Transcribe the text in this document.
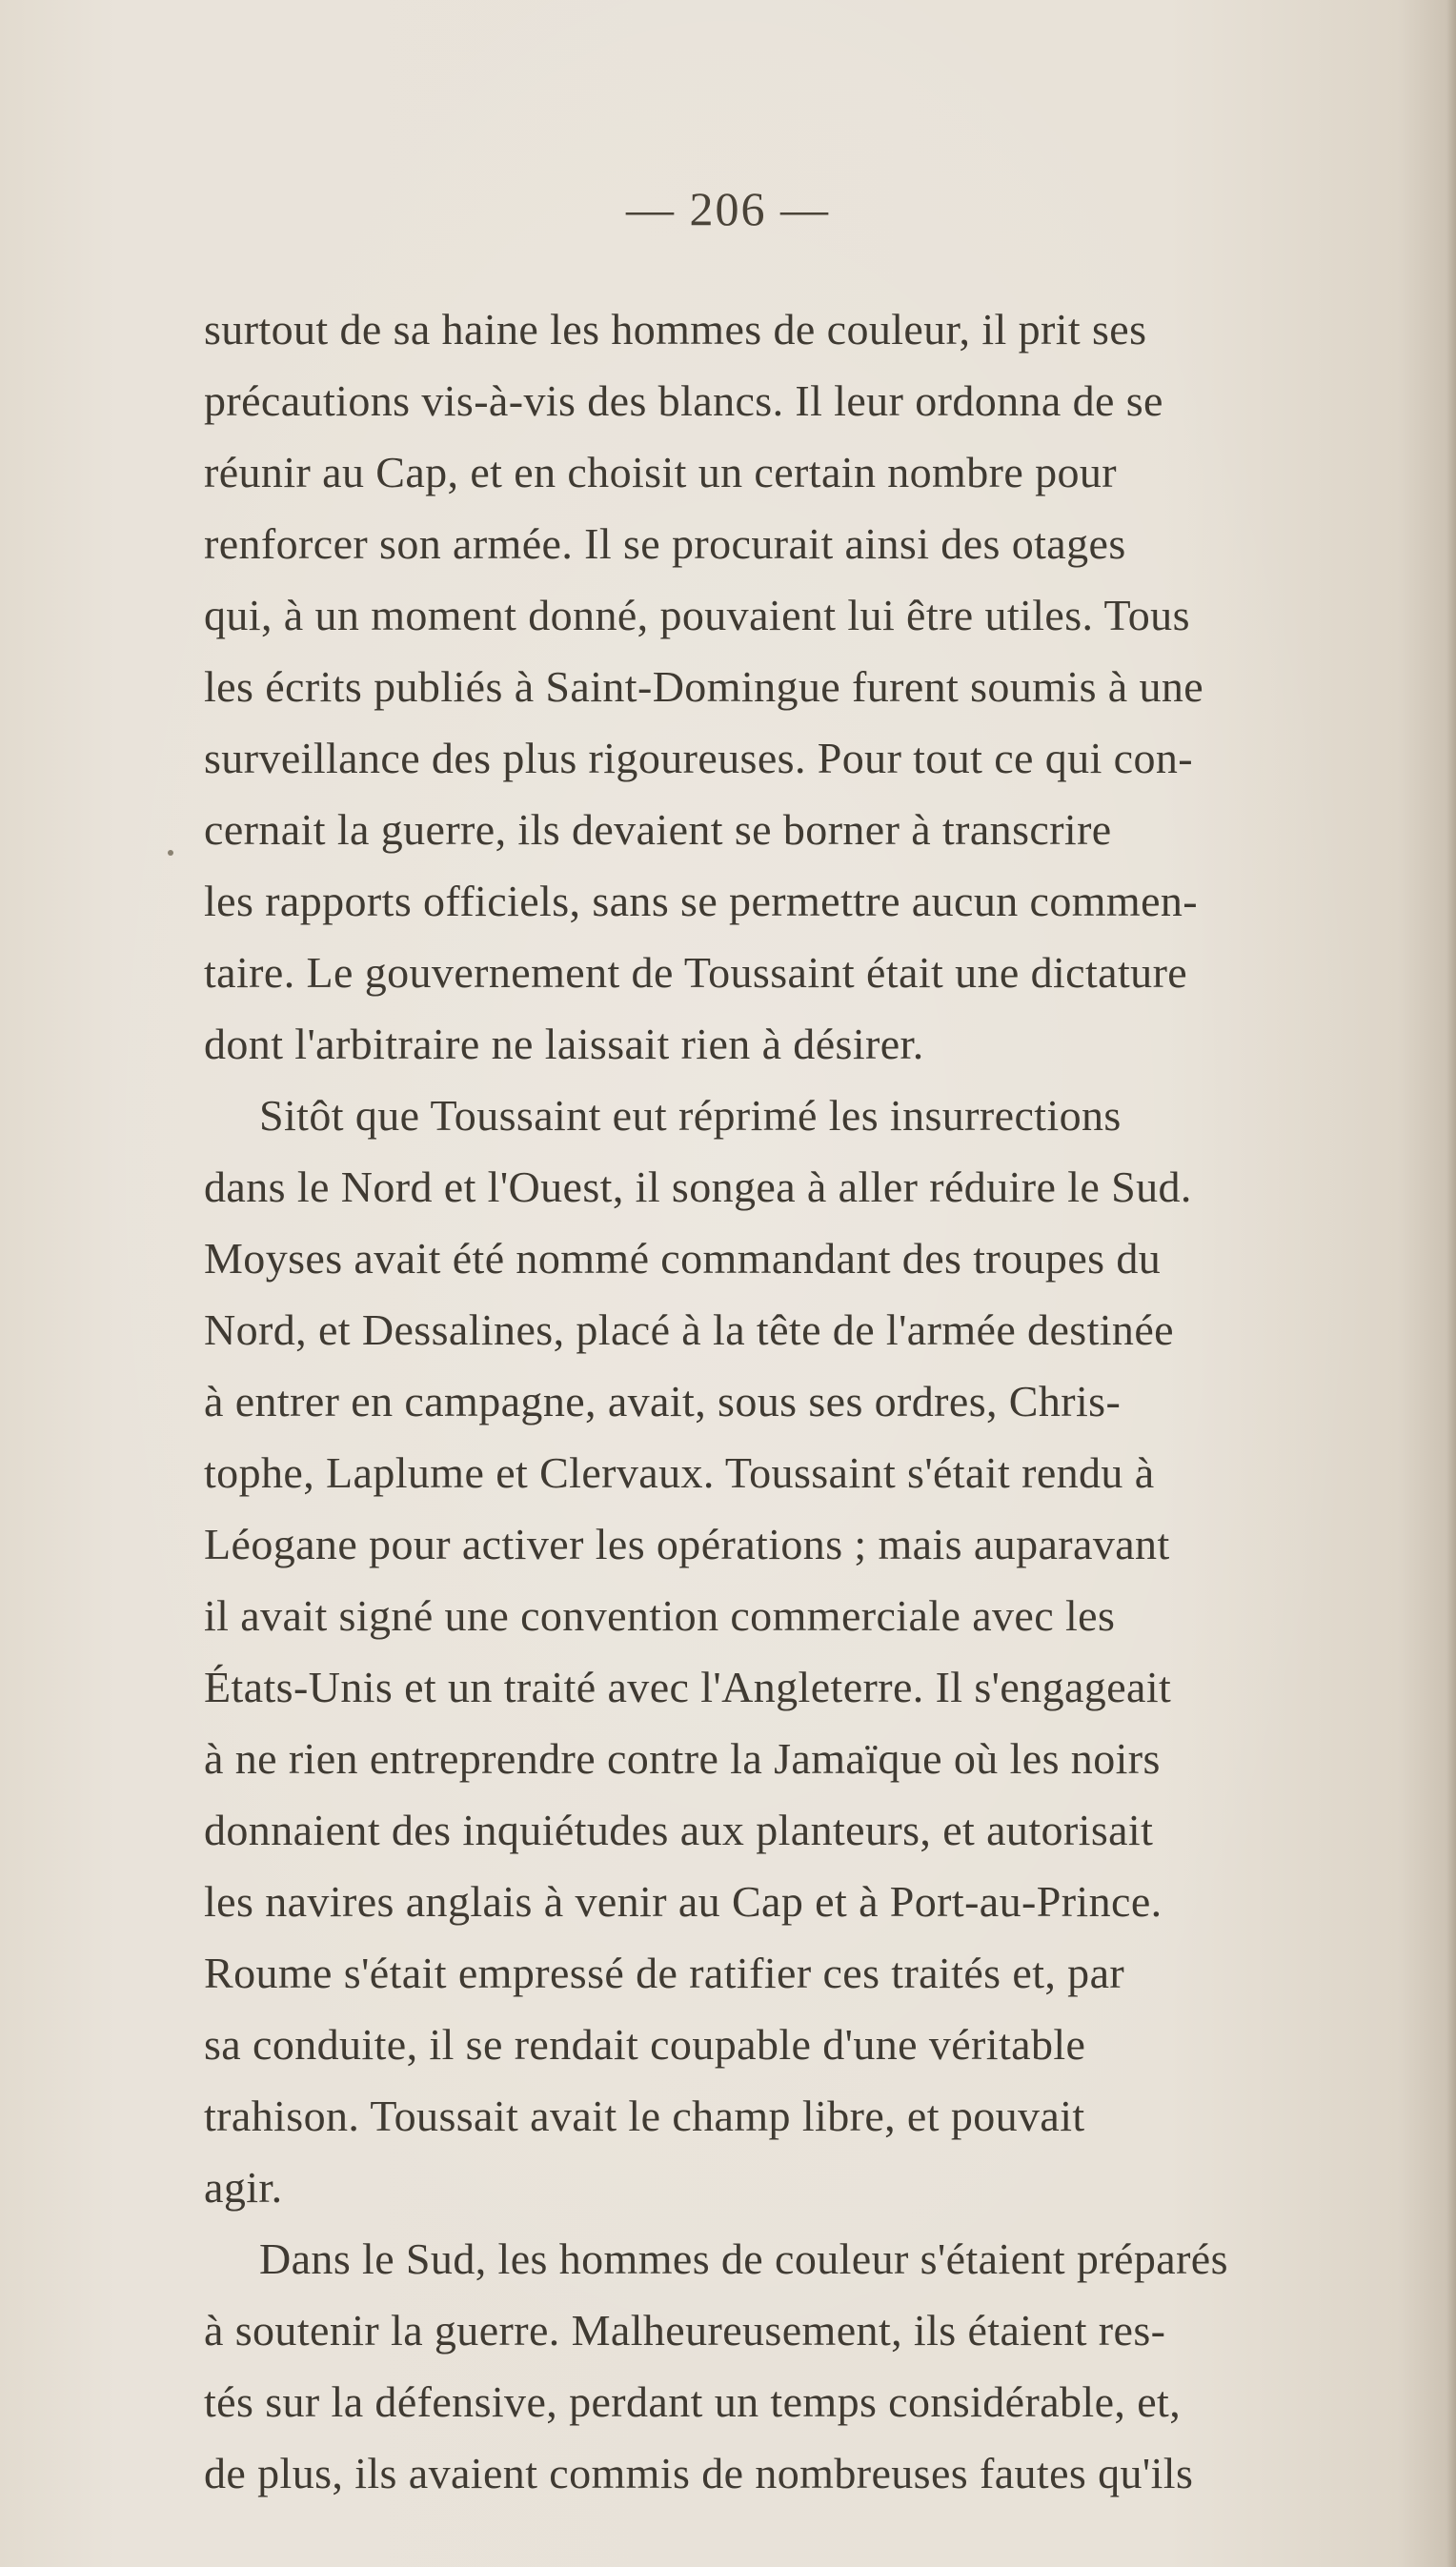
— 206 —
surtout de sa haine les hommes de couleur, il prit ses
précautions vis-à-vis des blancs. Il leur ordonna de se
réunir au Cap, et en choisit un certain nombre pour
renforcer son armée. Il se procurait ainsi des otages
qui, à un moment donné, pouvaient lui être utiles. Tous
les écrits publiés à Saint-Domingue furent soumis à une
surveillance des plus rigoureuses. Pour tout ce qui con-
cernait la guerre, ils devaient se borner à transcrire
les rapports officiels, sans se permettre aucun commen-
taire. Le gouvernement de Toussaint était une dictature
dont l'arbitraire ne laissait rien à désirer.
Sitôt que Toussaint eut réprimé les insurrections
dans le Nord et l'Ouest, il songea à aller réduire le Sud.
Moyses avait été nommé commandant des troupes du
Nord, et Dessalines, placé à la tête de l'armée destinée
à entrer en campagne, avait, sous ses ordres, Chris-
tophe, Laplume et Clervaux. Toussaint s'était rendu à
Léogane pour activer les opérations ; mais auparavant
il avait signé une convention commerciale avec les
États-Unis et un traité avec l'Angleterre. Il s'engageait
à ne rien entreprendre contre la Jamaïque où les noirs
donnaient des inquiétudes aux planteurs, et autorisait
les navires anglais à venir au Cap et à Port-au-Prince.
Roume s'était empressé de ratifier ces traités et, par
sa conduite, il se rendait coupable d'une véritable
trahison. Toussait avait le champ libre, et pouvait
agir.
Dans le Sud, les hommes de couleur s'étaient préparés
à soutenir la guerre. Malheureusement, ils étaient res-
tés sur la défensive, perdant un temps considérable, et,
de plus, ils avaient commis de nombreuses fautes qu'ils
